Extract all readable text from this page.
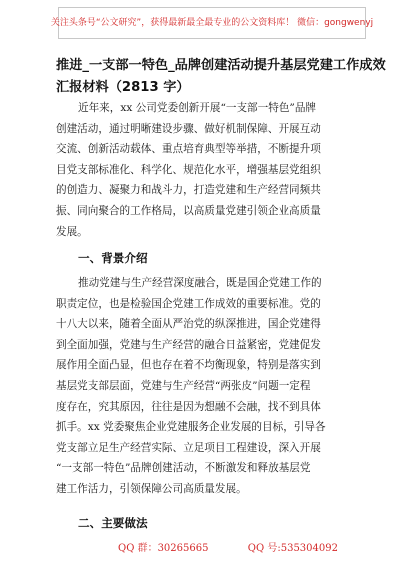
关注头条号“公文研究”，获得最新最全最专业的公文资料库！ 微信：gongwenyj
推进_一支部一特色_品牌创建活动提升基层党建工作成效
汇报材料（2813 字）
近年来，xx 公司党委创新开展“一支部一特色”品牌
创建活动，通过明晰建设步骤、做好机制保障、开展互动
交流、创新活动载体、重点培育典型等举措，不断提升项
目党支部标准化、科学化、规范化水平，增强基层党组织
的创造力、凝聚力和战斗力，打造党建和生产经营同频共
振、同向聚合的工作格局，以高质量党建引领企业高质量
发展。
一、背景介绍
推动党建与生产经营深度融合，既是国企党建工作的
职责定位，也是检验国企党建工作成效的重要标准。党的
十八大以来，随着全面从严治党的纵深推进，国企党建得
到全面加强，党建与生产经营的融合日益紧密，党建促发
展作用全面凸显，但也存在着不均衡现象，特别是落实到
基层党支部层面，党建与生产经营“两张皮”问题一定程
度存在，究其原因，往往是因为想融不会融，找不到具体
抓手。xx 党委聚焦企业党建服务企业发展的目标，引导各
党支部立足生产经营实际、立足项目工程建设，深入开展
“一支部一特色”品牌创建活动，不断激发和释放基层党
建工作活力，引领保障公司高质量发展。
二、主要做法
QQ 群：30265665	QQ 号:535304092
